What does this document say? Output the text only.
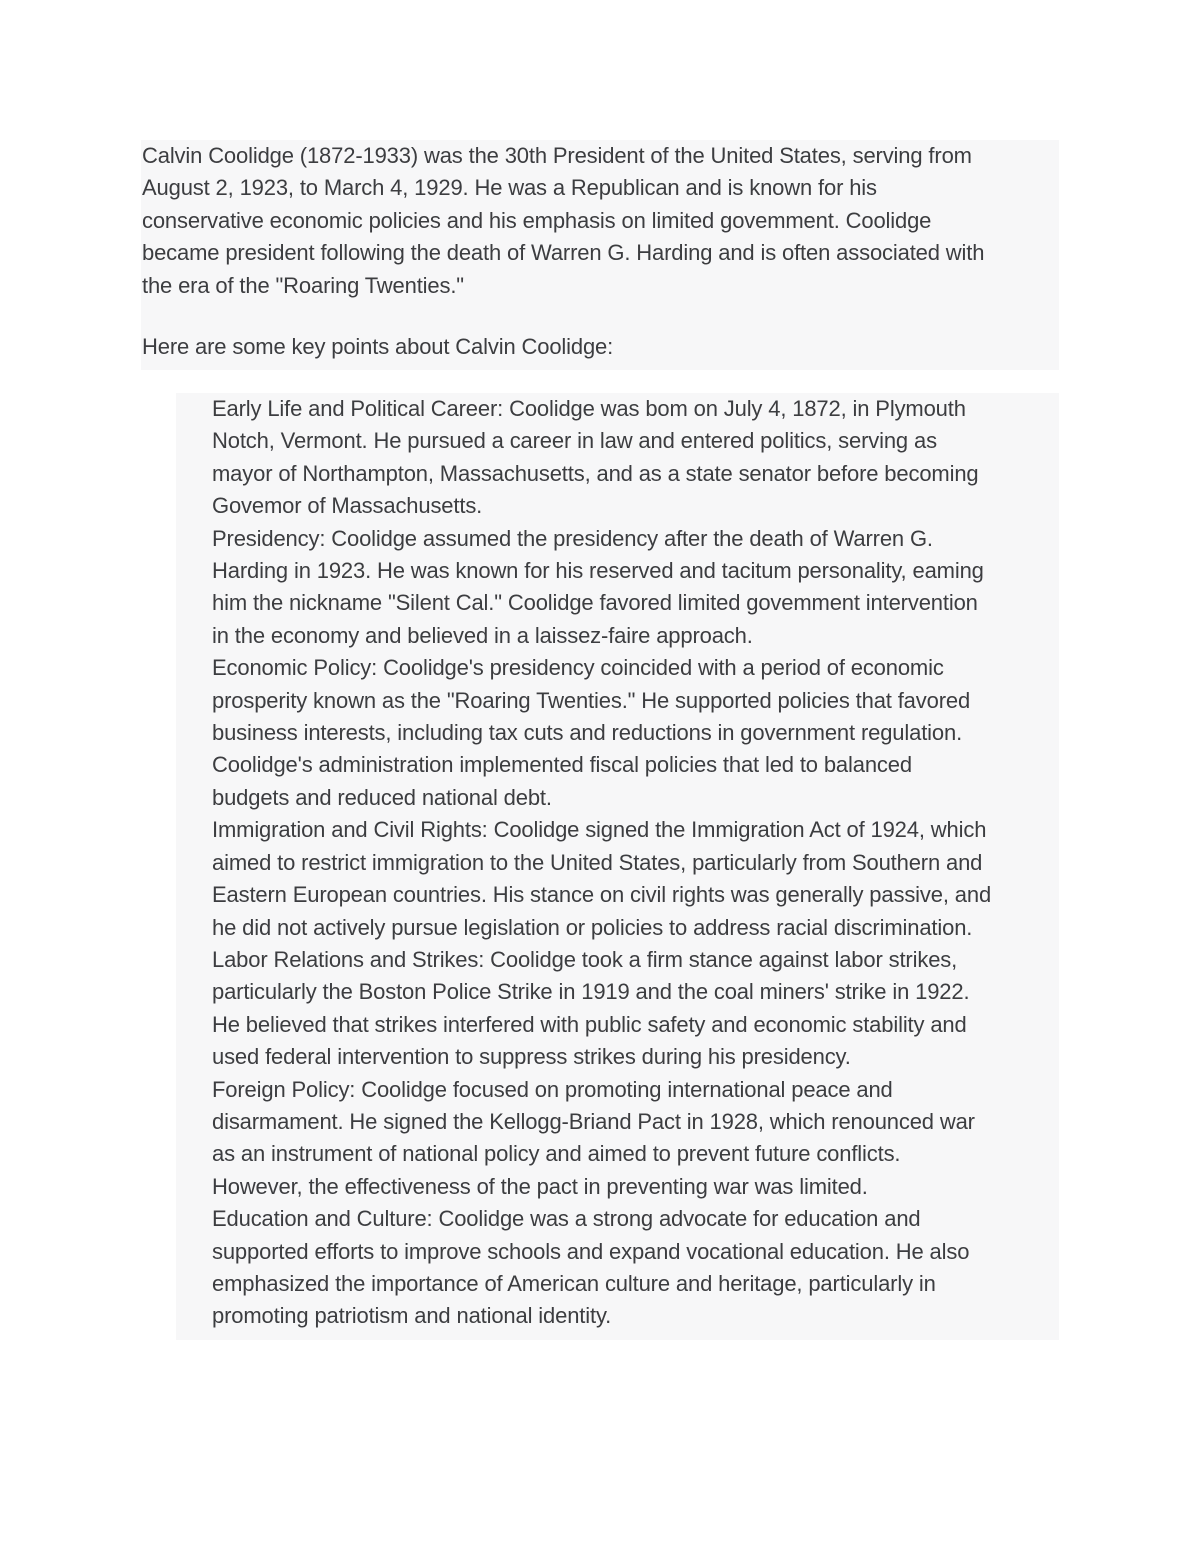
Calvin Coolidge (1872-1933) was the 30th President of the United States, serving from
August 2, 1923, to March 4, 1929. He was a Republican and is known for his
conservative economic policies and his emphasis on limited govemment. Coolidge
became president following the death of Warren G. Harding and is often associated with
the era of the "Roaring Twenties."

Here are some key points about Calvin Coolidge:

Early Life and Political Career: Coolidge was bom on July 4, 1872, in Plymouth
Notch, Vermont. He pursued a career in law and entered politics, serving as
mayor of Northampton, Massachusetts, and as a state senator before becoming
Govemor of Massachusetts.
Presidency: Coolidge assumed the presidency after the death of Warren G.
Harding in 1923. He was known for his reserved and tacitum personality, eaming
him the nickname "Silent Cal." Coolidge favored limited govemment intervention
in the economy and believed in a laissez-faire approach.
Economic Policy: Coolidge's presidency coincided with a period of economic
prosperity known as the "Roaring Twenties." He supported policies that favored
business interests, including tax cuts and reductions in government regulation.
Coolidge's administration implemented fiscal policies that led to balanced
budgets and reduced national debt.
Immigration and Civil Rights: Coolidge signed the Immigration Act of 1924, which
aimed to restrict immigration to the United States, particularly from Southern and
Eastern European countries. His stance on civil rights was generally passive, and
he did not actively pursue legislation or policies to address racial discrimination.
Labor Relations and Strikes: Coolidge took a firm stance against labor strikes,
particularly the Boston Police Strike in 1919 and the coal miners' strike in 1922.
He believed that strikes interfered with public safety and economic stability and
used federal intervention to suppress strikes during his presidency.
Foreign Policy: Coolidge focused on promoting international peace and
disarmament. He signed the Kellogg-Briand Pact in 1928, which renounced war
as an instrument of national policy and aimed to prevent future conflicts.
However, the effectiveness of the pact in preventing war was limited.
Education and Culture: Coolidge was a strong advocate for education and
supported efforts to improve schools and expand vocational education. He also
emphasized the importance of American culture and heritage, particularly in
promoting patriotism and national identity.
